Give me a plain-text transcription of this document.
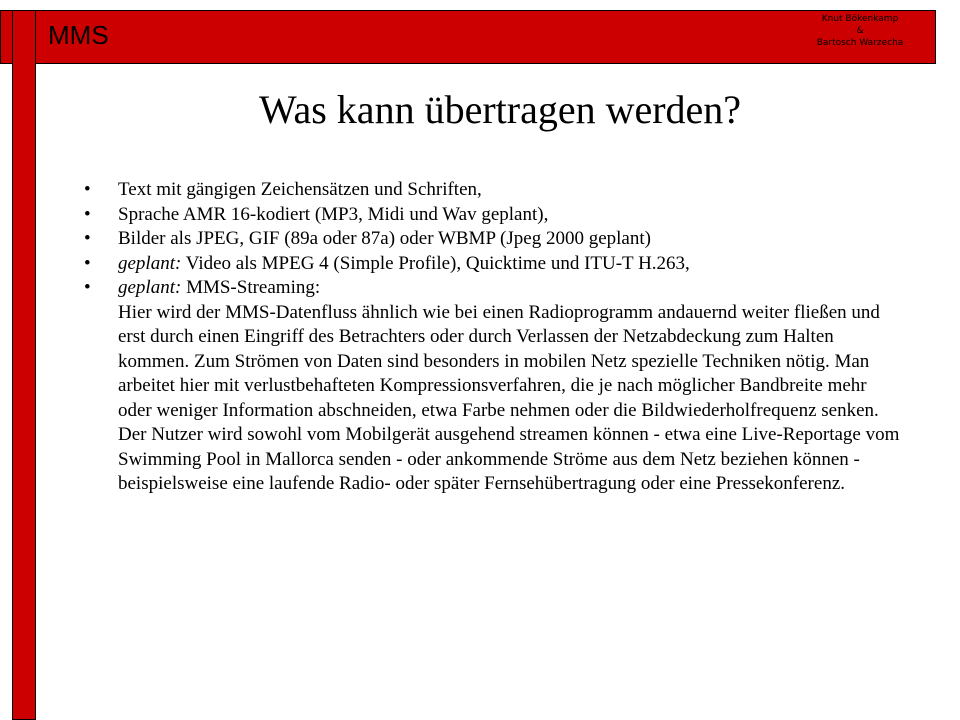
MMS
Knut Bökenkamp
&
Bartosch Warzecha
Was kann übertragen werden?
• Text mit gängigen Zeichensätzen und Schriften,
• Sprache AMR 16-kodiert (MP3, Midi und Wav geplant),
• Bilder als JPEG, GIF (89a oder 87a) oder WBMP (Jpeg 2000 geplant)
• geplant: Video als MPEG 4 (Simple Profile), Quicktime und ITU-T H.263,
• geplant: MMS-Streaming:
Hier wird der MMS-Datenfluss ähnlich wie bei einen Radioprogramm andauernd weiter fließen und erst durch einen Eingriff des Betrachters oder durch Verlassen der Netzabdeckung zum Halten kommen. Zum Strömen von Daten sind besonders in mobilen Netz spezielle Techniken nötig. Man arbeitet hier mit verlustbehafteten Kompressionsverfahren, die je nach möglicher Bandbreite mehr oder weniger Information abschneiden, etwa Farbe nehmen oder die Bildwiederholfrequenz senken. Der Nutzer wird sowohl vom Mobilgerät ausgehend streamen können - etwa eine Live-Reportage vom Swimming Pool in Mallorca senden - oder ankommende Ströme aus dem Netz beziehen können - beispielsweise eine laufende Radio- oder später Fernsehübertragung oder eine Pressekonferenz.
